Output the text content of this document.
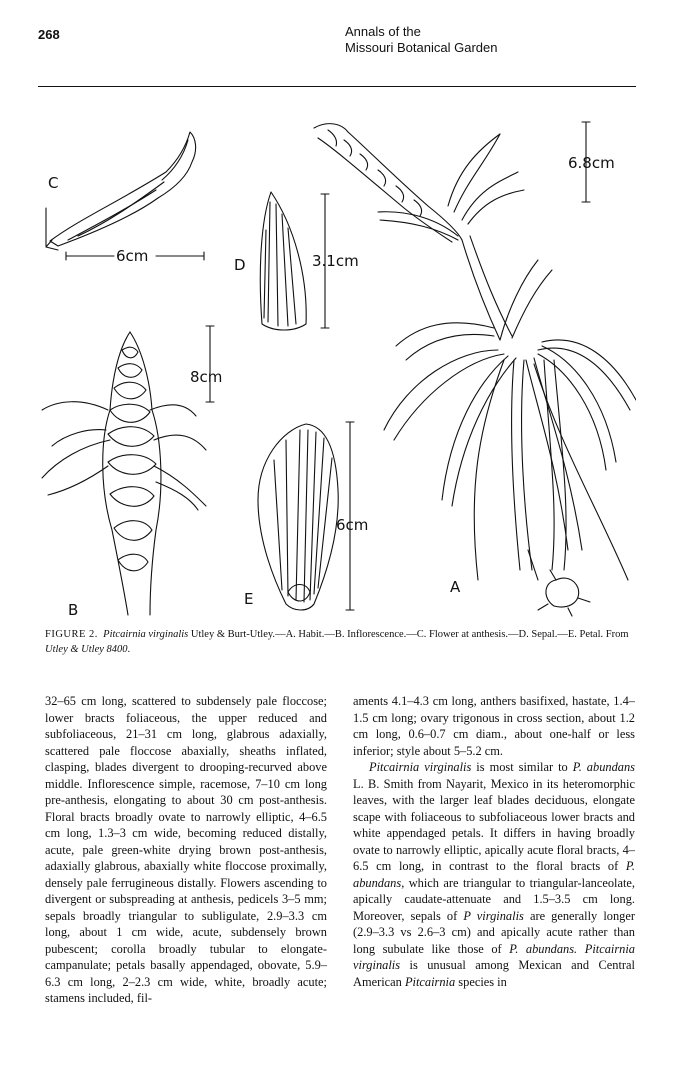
268	Annals of the
Missouri Botanical Garden
C
6cm	D	3.1cm
8cm
B
6cm
E
A
6.8cm
FIGURE 2. Pitcairnia virginalis Utley & Burt-Utley.—A. Habit.—B. Inflorescence.—C. Flower at anthesis.—D. Sepal.—E. Petal. From Utley & Utley 8400.

32–65 cm long, scattered to subdensely pale floccose; lower bracts foliaceous, the upper reduced and subfoliaceous, 21–31 cm long, glabrous adaxially, scattered pale floccose abaxially, sheaths inflated, clasping, blades divergent to drooping-recurved above middle. Inflorescence simple, racemose, 7–10 cm long pre-anthesis, elongating to about 30 cm post-anthesis. Floral bracts broadly ovate to narrowly elliptic, 4–6.5 cm long, 1.3–3 cm wide, becoming reduced distally, acute, pale green-white drying brown post-anthesis, adaxially glabrous, abaxially white floccose proximally, densely pale ferrugineous distally. Flowers ascending to divergent or subspreading at anthesis, pedicels 3–5 mm; sepals broadly triangular to subligulate, 2.9–3.3 cm long, about 1 cm wide, acute, subdensely brown pubescent; corolla broadly tubular to elongate-campanulate; petals basally appendaged, obovate, 5.9–6.3 cm long, 2–2.3 cm wide, white, broadly acute; stamens included, fil-

aments 4.1–4.3 cm long, anthers basifixed, hastate, 1.4–1.5 cm long; ovary trigonous in cross section, about 1.2 cm long, 0.6–0.7 cm diam., about one-half or less inferior; style about 5–5.2 cm.

Pitcairnia virginalis is most similar to P. abundans L. B. Smith from Nayarit, Mexico in its heteromorphic leaves, with the larger leaf blades deciduous, elongate scape with foliaceous to subfoliaceous lower bracts and white appendaged petals. It differs in having broadly ovate to narrowly elliptic, apically acute floral bracts, 4–6.5 cm long, in contrast to the floral bracts of P. abundans, which are triangular to triangular-lanceolate, apically caudate-attenuate and 1.5–3.5 cm long. Moreover, sepals of P virginalis are generally longer (2.9–3.3 vs 2.6–3 cm) and apically acute rather than long subulate like those of P. abundans. Pitcairnia virginalis is unusual among Mexican and Central American Pitcairnia species in
